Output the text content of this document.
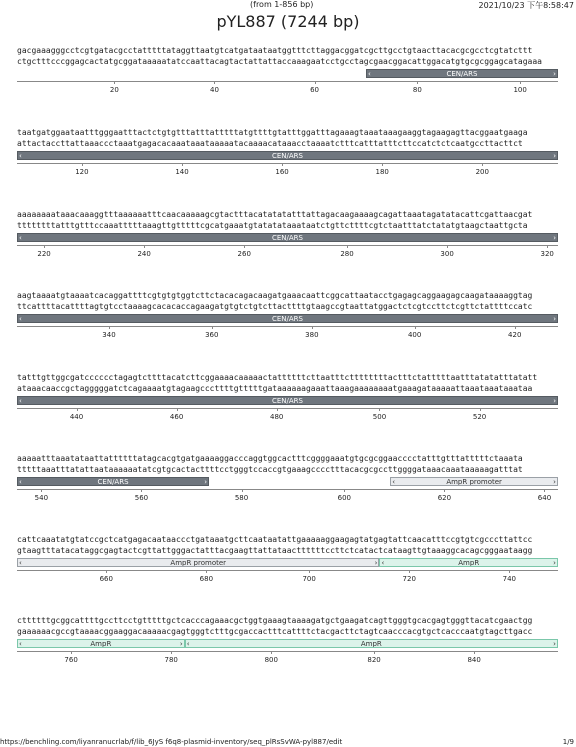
(from 1-856 bp)	2021/10/23 下午8:58:47
pYL887 (7244 bp)
gacgaaagggcctcgtgatacgcctatttttataggttaatgtcatgataataatggtttcttaggacggatcgcttgcctgtaacttacacgcgcctcgtatcttt
ctgctttcccggagcactatgcggataaaaatatccaattacagtactattattaccaaagaatcctgcctagcgaacggacattggacatgtgcgcggagcatagaaa
‹	CEN/ARS	›
20	40	60	80	100
taatgatggaataatttgggaatttactctgtgtttatttatttttatgttttgtatttggatttagaaagtaaataaagaaggtagaagagttacggaatgaaga
attactaccttattaaaccctaaatgagacacaaataaataaaaatacaaaacataaacctaaaatctttcatttatttcttccatctctcaatgccttacttct
‹	CEN/ARS	›
120	140	160	180	200
aaaaaaaataaacaaaggtttaaaaaatttcaacaaaaagcgtactttacatatatatttattagacaagaaaagcagattaaatagatatacattcgattaacgat
ttttttttatttgtttccaaatttttaaagttgtttttcgcatgaaatgtatatataaataatctgttcttttcgtctaatttatctatatgtaagctaattgcta
‹	CEN/ARS	›
220	240	260	280	300	320
aagtaaaatgtaaaatcacaggattttcgtgtgtggtcttctacacagacaagatgaaacaattcggcattaatacctgagagcaggaagagcaagataaaaggtag
ttcattttacattttagtgtcctaaaagcacacaccagaagatgtgtctgtcttacttttgtaagccgtaattatggactctcgtccttctcgttctattttccatc
‹	CEN/ARS	›
340	360	380	400	420
tatttgttggcgatcccccctagagtcttttacatcttcggaaaacaaaaactattttttcttaatttcttttttttactttctatttttaatttatatatttatatt
ataaacaaccgctagggggatctcagaaaatgtagaagcccttttgtttttgataaaaaagaaattaaagaaaaaaaatgaaagataaaaattaaataaataaataa
‹	CEN/ARS	›
440	460	480	500	520
aaaaatttaaatataattattttttatagcacgtgatgaaaaggacccaggtggcactttcggggaaatgtgcgcggaacccctatttgtttatttttctaaata
tttttaaatttatattaataaaaaatatcgtgcactacttttcctgggtccaccgtgaaagcccctttacacgcgccttggggataaacaaataaaaagatttat
‹	CEN/ARS	›	‹	AmpR promoter	›
540	560	580	600	620	640
cattcaaatatgtatccgctcatgagacaataaccctgataaatgcttcaataatattgaaaaaggaagagtatgagtattcaacatttccgtgtcgcccttattcc
gtaagtttatacataggcgagtactcgttattgggactatttacgaagttattataacttttttccttctcatactcataagttgtaaaggcacagcgggaataagg
‹	AmpR promoter	› ‹	AmpR	›
660	680	700	720	740
cttttttgcggcattttgccttcctgtttttgctcacccagaaacgctggtgaaagtaaaagatgctgaagatcagttgggtgcacgagtgggttacatcgaactgg
gaaaaaacgccgtaaaacggaaggacaaaaacgagtgggtctttgcgaccactttcattttctacgacttctagtcaacccacgtgctcacccaatgtagcttgacc
‹	AmpR	› ‹	AmpR	›
760	780	800	820	840
https://benchling.com/liyanranucrlab/f/lib_6JyS f6q8-plasmid-inventory/seq_plRsSvWA-pyl887/edit	1/9
